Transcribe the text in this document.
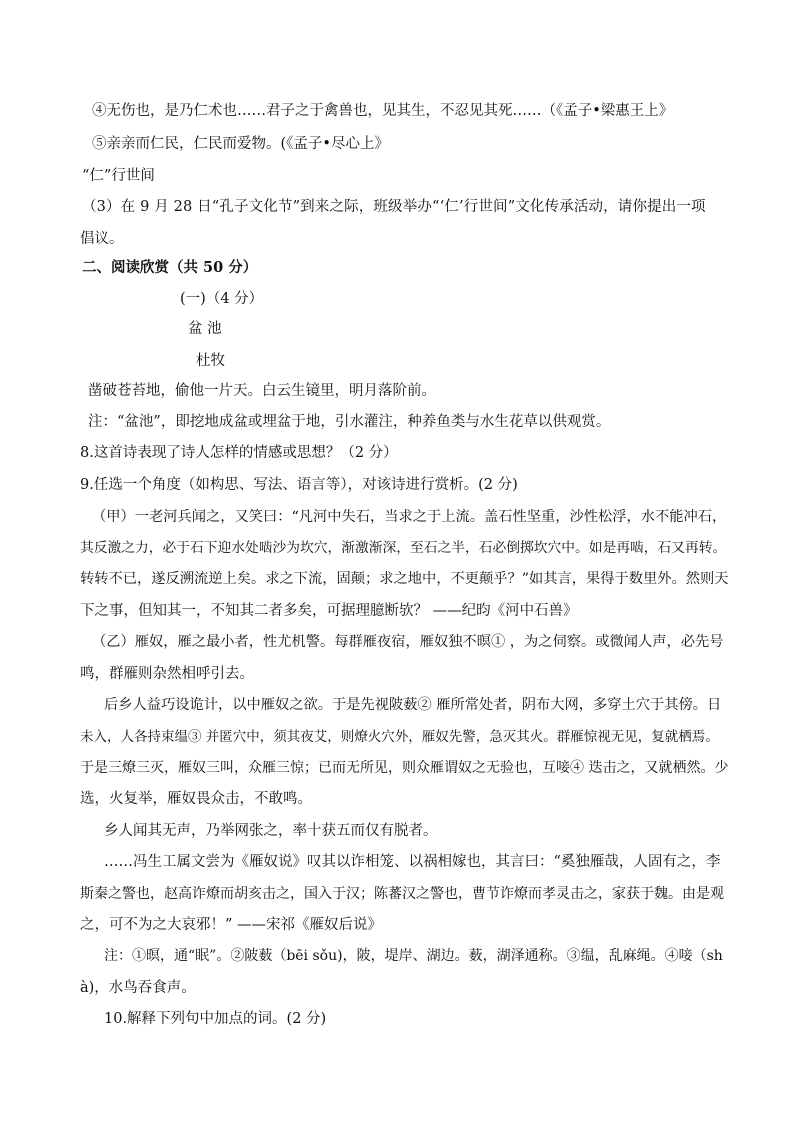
④无伤也，是乃仁术也……君子之于禽兽也，见其生，不忍见其死……（《孟子•梁惠王上》
⑤亲亲而仁民，仁民而爱物。(《孟子•尽心上》
“仁”行世间
（3）在 9 月 28 日“孔子文化节”到来之际，班级举办“‘仁’行世间”文化传承活动，请你提出一项
倡议。
二、阅读欣赏（共 50 分）
(一)（4 分）
盆 池
杜牧
凿破苍苔地，偷他一片天。白云生镜里，明月落阶前。
注：“盆池”，即挖地成盆或埋盆于地，引水灌注，种养鱼类与水生花草以供观赏。
8.这首诗表现了诗人怎样的情感或思想？（2 分）
9.任选一个角度（如构思、写法、语言等），对该诗进行赏析。(2 分)
（甲）一老河兵闻之，又笑曰：“凡河中失石，当求之于上流。盖石性坚重，沙性松浮，水不能冲石，
其反激之力，必于石下迎水处啮沙为坎穴，渐激渐深，至石之半，石必倒掷坎穴中。如是再啮，石又再转。
转转不已，遂反溯流逆上矣。求之下流，固颠；求之地中，不更颠乎？”如其言，果得于数里外。然则天
下之事，但知其一，不知其二者多矣，可据理臆断欤？ ——纪昀《河中石兽》
（乙）雁奴，雁之最小者，性尤机警。每群雁夜宿，雁奴独不暝① ，为之伺察。或微闻人声，必先号
鸣，群雁则杂然相呼引去。
后乡人益巧设诡计，以中雁奴之欲。于是先视陂薮② 雁所常处者，阴布大网，多穿土穴于其傍。日
未入，人各持束缊③ 并匿穴中，须其夜艾，则燎火穴外，雁奴先警，急灭其火。群雁惊视无见，复就栖焉。
于是三燎三灭，雁奴三叫，众雁三惊；已而无所见，则众雁谓奴之无验也，互唼④ 迭击之，又就栖然。少
选，火复举，雁奴畏众击，不敢鸣。
乡人闻其无声，乃举网张之，率十获五而仅有脱者。
……冯生工属文尝为《雁奴说》叹其以诈相笼、以祸相嫁也，其言曰：“奚独雁哉，人固有之，李
斯秦之警也，赵高诈燎而胡亥击之，国入于汉；陈蕃汉之警也，曹节诈燎而孝灵击之，家获于魏。由是观
之，可不为之大哀邪！” ——宋祁《雁奴后说》
注：①暝，通“眠”。②陂薮（bēi sǒu)，陂，堤岸、湖边。薮，湖泽通称。③缊，乱麻绳。④唼（sh
à)，水鸟吞食声。
10.解释下列句中加点的词。(2 分)
